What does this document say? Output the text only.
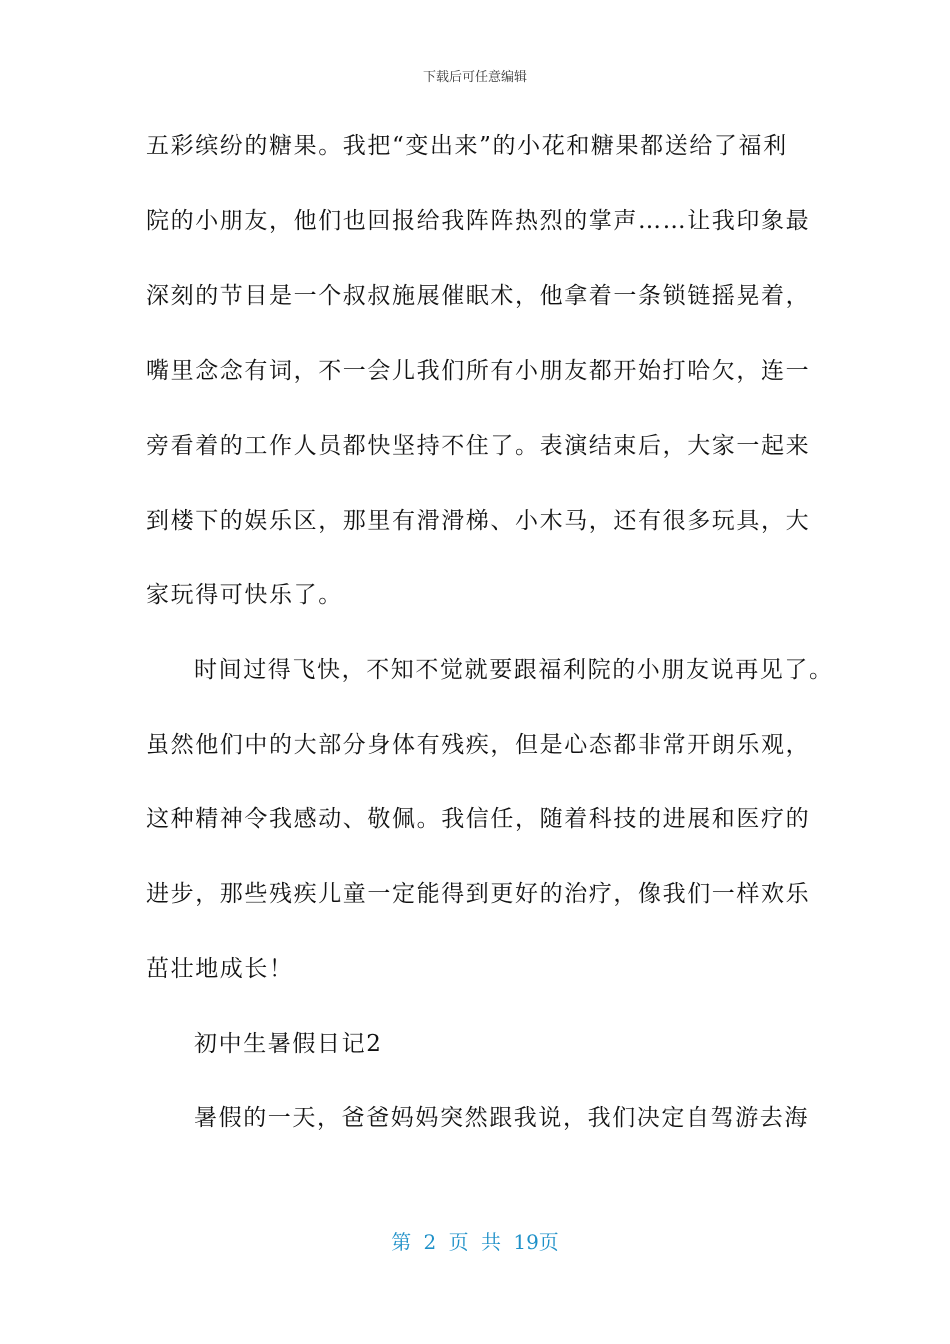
下载后可任意编辑
五彩缤纷的糖果。我把“变出来”的小花和糖果都送给了福利
院的小朋友，他们也回报给我阵阵热烈的掌声……让我印象最
深刻的节目是一个叔叔施展催眠术，他拿着一条锁链摇晃着，
嘴里念念有词，不一会儿我们所有小朋友都开始打哈欠，连一
旁看着的工作人员都快坚持不住了。表演结束后，大家一起来
到楼下的娱乐区，那里有滑滑梯、小木马，还有很多玩具，大
家玩得可快乐了。
时间过得飞快，不知不觉就要跟福利院的小朋友说再见了。
虽然他们中的大部分身体有残疾，但是心态都非常开朗乐观，
这种精神令我感动、敬佩。我信任，随着科技的进展和医疗的
进步，那些残疾儿童一定能得到更好的治疗，像我们一样欢乐
茁壮地成长！
初中生暑假日记2
暑假的一天，爸爸妈妈突然跟我说，我们决定自驾游去海
第 2 页 共 19页
